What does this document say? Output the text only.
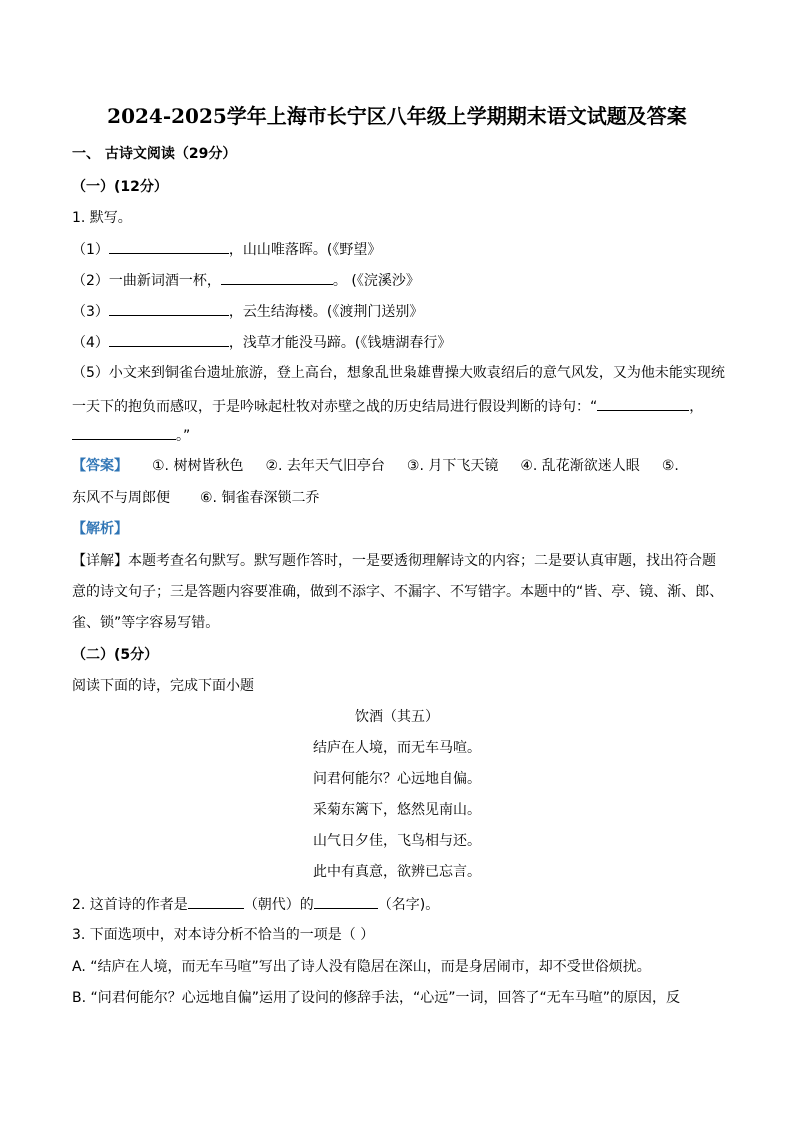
2024-2025学年上海市长宁区八年级上学期期末语文试题及答案
一、 古诗文阅读（29分）
（一）(12分）
1. 默写。
（1）	，山山唯落晖。(《野望》
（2）一曲新词酒一杯，	。 (《浣溪沙》
（3）	，云生结海楼。(《渡荆门送别》
（4）	，浅草才能没马蹄。(《钱塘湖春行》
（5）小文来到铜雀台遗址旅游，登上高台，想象乱世枭雄曹操大败袁绍后的意气风发，又为他未能实现统
一天下的抱负而感叹，于是吟咏起杜牧对赤壁之战的历史结局进行假设判断的诗句：“	，
。”
【答案】 ①. 树树皆秋色 ②. 去年天气旧亭台 ③. 月下飞天镜 ④. 乱花渐欲迷人眼 ⑤.
东风不与周郎便 ⑥. 铜雀春深锁二乔
【解析】
【详解】本题考查名句默写。默写题作答时，一是要透彻理解诗文的内容；二是要认真审题，找出符合题
意的诗文句子；三是答题内容要准确，做到不添字、不漏字、不写错字。本题中的“皆、亭、镜、渐、郎、
雀、锁”等字容易写错。
（二）(5分）
阅读下面的诗，完成下面小题
饮酒（其五）
结庐在人境，而无车马喧。
问君何能尔？心远地自偏。
采菊东篱下，悠然见南山。
山气日夕佳，飞鸟相与还。
此中有真意，欲辨已忘言。
2. 这首诗的作者是	（朝代）的	（名字)。
3. 下面选项中，对本诗分析不恰当的一项是（ ）
A. “结庐在人境，而无车马喧”写出了诗人没有隐居在深山，而是身居闹市，却不受世俗烦扰。
B. “问君何能尔？心远地自偏”运用了设问的修辞手法，“心远”一词，回答了“无车马喧”的原因，反
